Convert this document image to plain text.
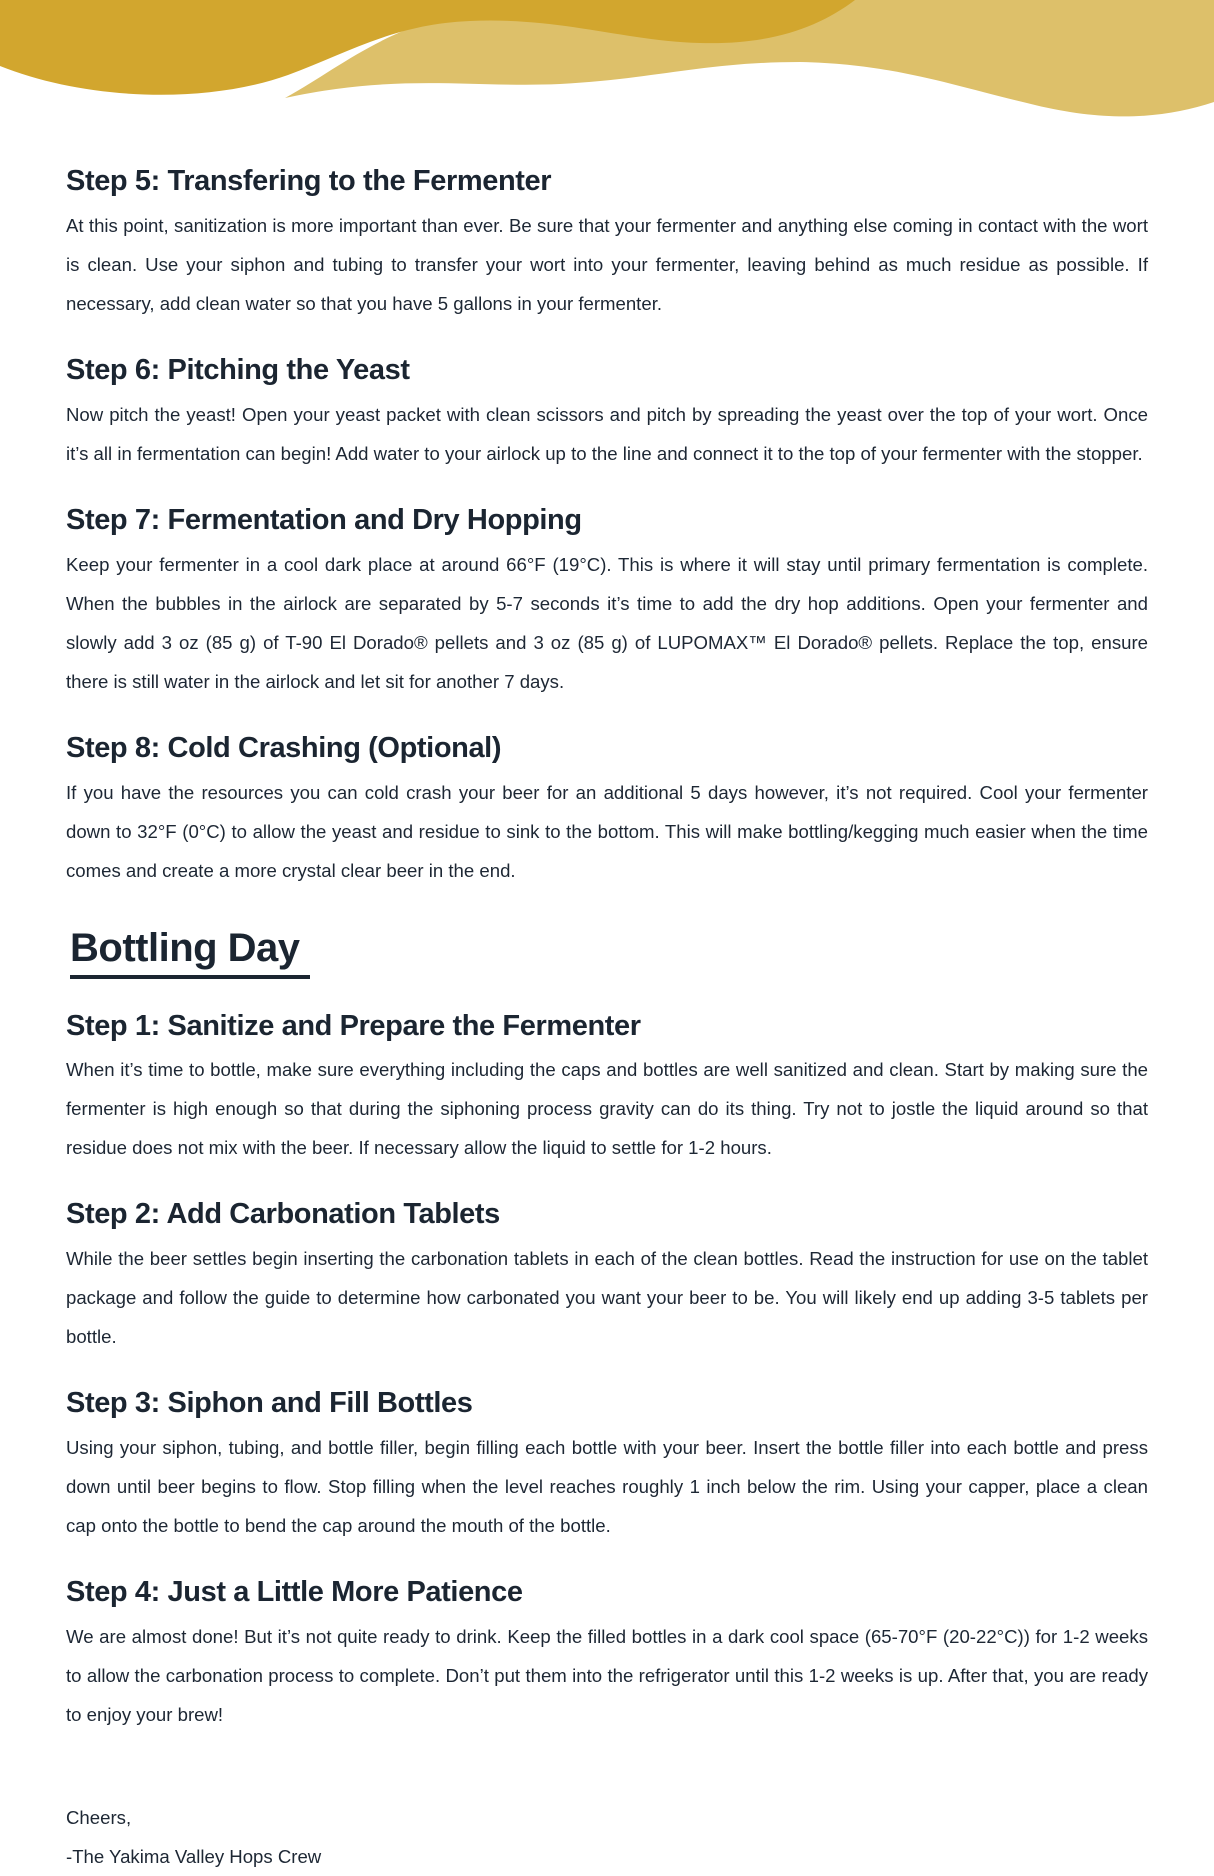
Step 5: Transfering to the Fermenter

At this point, sanitization is more important than ever. Be sure that your fermenter and anything else coming in contact with the wort is clean. Use your siphon and tubing to transfer your wort into your fermenter, leaving behind as much residue as possible. If necessary, add clean water so that you have 5 gallons in your fermenter.

Step 6: Pitching the Yeast

Now pitch the yeast! Open your yeast packet with clean scissors and pitch by spreading the yeast over the top of your wort. Once it’s all in fermentation can begin! Add water to your airlock up to the line and connect it to the top of your fermenter with the stopper.

Step 7: Fermentation and Dry Hopping

Keep your fermenter in a cool dark place at around 66°F (19°C). This is where it will stay until primary fermentation is complete. When the bubbles in the airlock are separated by 5-7 seconds it’s time to add the dry hop additions. Open your fermenter and slowly add 3 oz (85 g) of T-90 El Dorado® pellets and 3 oz (85 g) of LUPOMAX™ El Dorado® pellets. Replace the top, ensure there is still water in the airlock and let sit for another 7 days.

Step 8: Cold Crashing (Optional)

If you have the resources you can cold crash your beer for an additional 5 days however, it’s not required. Cool your fermenter down to 32°F (0°C) to allow the yeast and residue to sink to the bottom. This will make bottling/kegging much easier when the time comes and create a more crystal clear beer in the end.

Bottling Day
Step 1: Sanitize and Prepare the Fermenter

When it’s time to bottle, make sure everything including the caps and bottles are well sanitized and clean. Start by making sure the fermenter is high enough so that during the siphoning process gravity can do its thing. Try not to jostle the liquid around so that residue does not mix with the beer. If necessary allow the liquid to settle for 1-2 hours.

Step 2: Add Carbonation Tablets

While the beer settles begin inserting the carbonation tablets in each of the clean bottles. Read the instruction for use on the tablet package and follow the guide to determine how carbonated you want your beer to be. You will likely end up adding 3-5 tablets per bottle.

Step 3: Siphon and Fill Bottles

Using your siphon, tubing, and bottle filler, begin filling each bottle with your beer. Insert the bottle filler into each bottle and press down until beer begins to flow. Stop filling when the level reaches roughly 1 inch below the rim. Using your capper, place a clean cap onto the bottle to bend the cap around the mouth of the bottle.

Step 4: Just a Little More Patience

We are almost done! But it’s not quite ready to drink. Keep the filled bottles in a dark cool space (65-70°F (20-22°C)) for 1-2 weeks to allow the carbonation process to complete. Don’t put them into the refrigerator until this 1-2 weeks is up. After that, you are ready to enjoy your brew!

Cheers,
-The Yakima Valley Hops Crew
